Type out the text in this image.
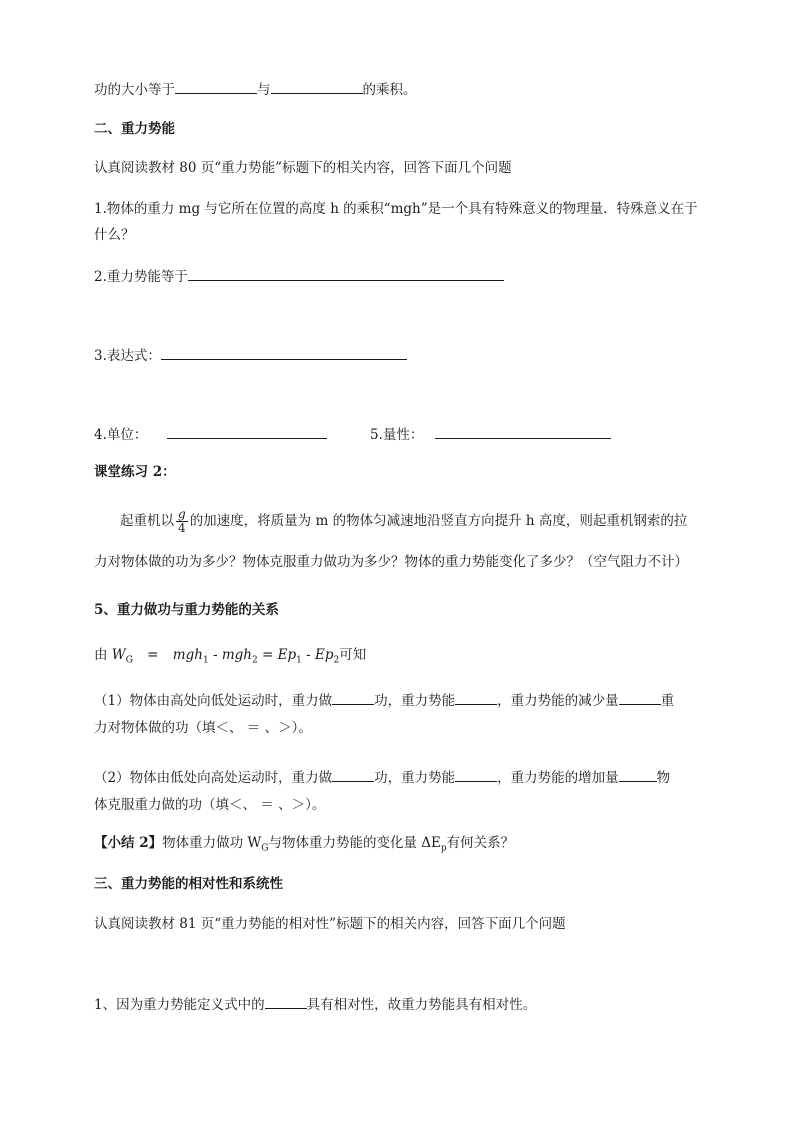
功的大小等于	与	的乘积。
二、重力势能
认真阅读教材 80 页“重力势能”标题下的相关内容，回答下面几个问题
1.物体的重力 mg 与它所在位置的高度 h 的乘积“mgh”是一个具有特殊意义的物理量．特殊意义在于
什么？
2.重力势能等于
3.表达式：
4.单位：	5.量性：
课堂练习 2：
起重机以 $\frac{g}{4}$ 的加速度，将质量为 m 的物体匀减速地沿竖直方向提升 h 高度，则起重机钢索的拉
力对物体做的功为多少？物体克服重力做功为多少？物体的重力势能变化了多少？（空气阻力不计）
5、重力做功与重力势能的关系
由 $W_G = mgh_1 - mgh_2 = Ep_1 - Ep_2$可知
（1）物体由高处向低处运动时，重力做	功，重力势能	，重力势能的减少量	重
力对物体做的功（填＜、 ＝ 、＞）。
（2）物体由低处向高处运动时，重力做	功，重力势能	，重力势能的增加量	物
体克服重力做的功（填＜、 ＝ 、＞）。
【小结 2】物体重力做功 $W_G$与物体重力势能的变化量 $\Delta E_p$有何关系？
三、重力势能的相对性和系统性
认真阅读教材 81 页“重力势能的相对性”标题下的相关内容，回答下面几个问题
1、因为重力势能定义式中的	具有相对性，故重力势能具有相对性。
